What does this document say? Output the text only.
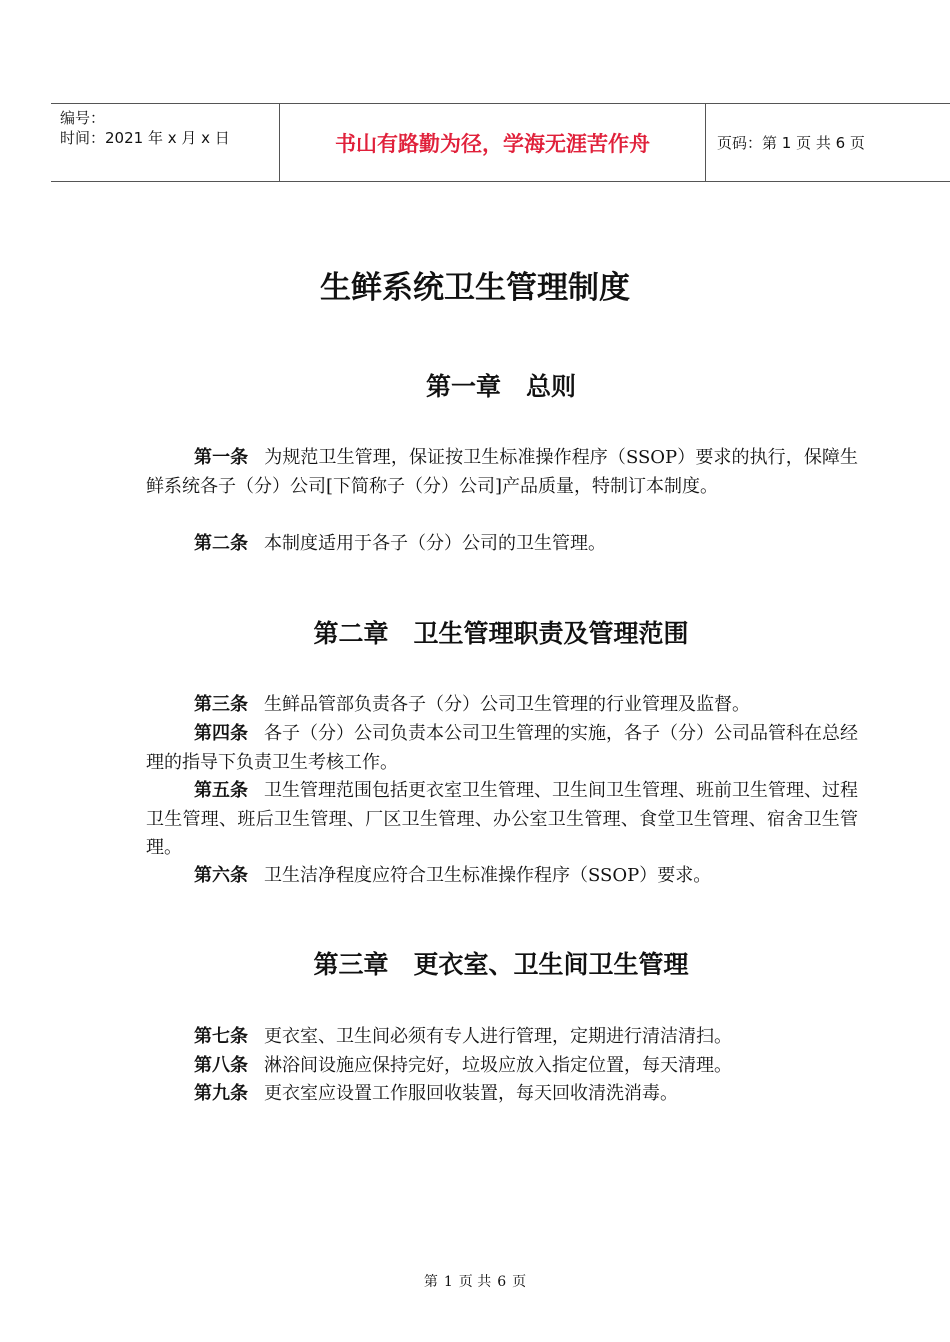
编号：
时间：2021 年 x 月 x 日	书山有路勤为径，学海无涯苦作舟	页码：第 1 页 共 6 页
生鲜系统卫生管理制度
第一章　总则
第一条 为规范卫生管理，保证按卫生标准操作程序（SSOP）要求的执行，保障生鲜系统各子（分）公司[下简称子（分）公司]产品质量，特制订本制度。
第二条 本制度适用于各子（分）公司的卫生管理。
第二章　卫生管理职责及管理范围
第三条 生鲜品管部负责各子（分）公司卫生管理的行业管理及监督。
第四条 各子（分）公司负责本公司卫生管理的实施，各子（分）公司品管科在总经理的指导下负责卫生考核工作。
第五条 卫生管理范围包括更衣室卫生管理、卫生间卫生管理、班前卫生管理、过程卫生管理、班后卫生管理、厂区卫生管理、办公室卫生管理、食堂卫生管理、宿舍卫生管理。
第六条 卫生洁净程度应符合卫生标准操作程序（SSOP）要求。
第三章　更衣室、卫生间卫生管理
第七条 更衣室、卫生间必须有专人进行管理，定期进行清洁清扫。
第八条 淋浴间设施应保持完好，垃圾应放入指定位置，每天清理。
第九条 更衣室应设置工作服回收装置，每天回收清洗消毒。
第 1 页 共 6 页
